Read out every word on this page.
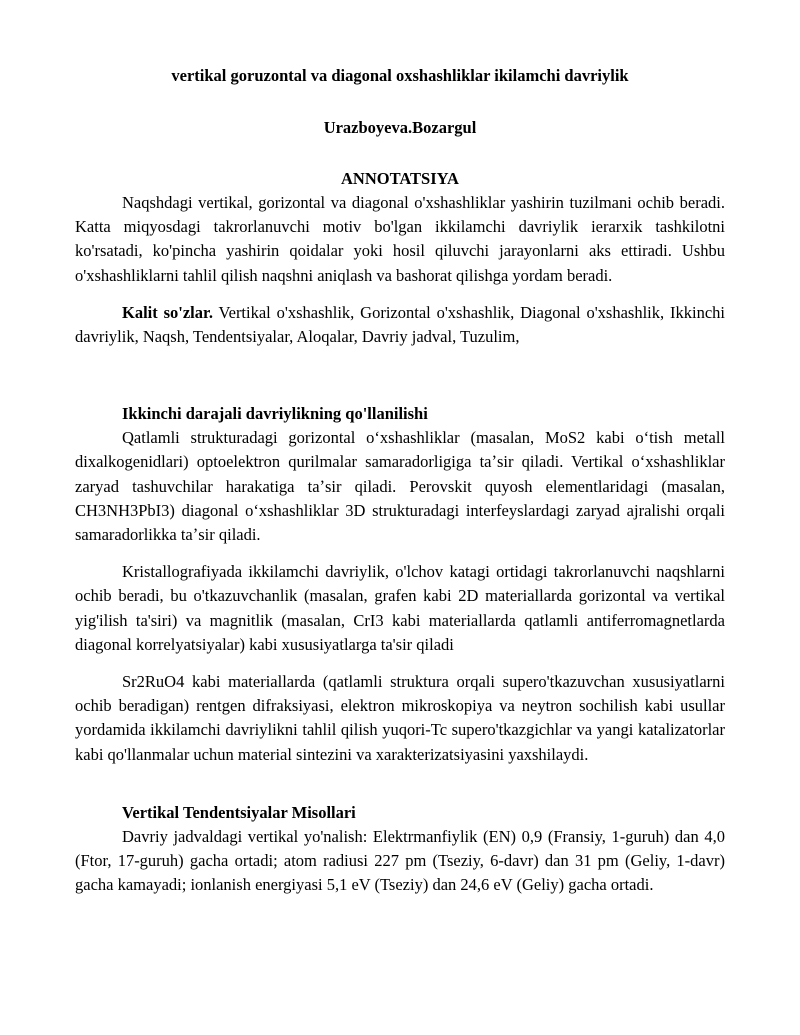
vertikal goruzontal va diagonal oxshashliklar ikilamchi davriylik
Urazboyeva.Bozargul
ANNOTATSIYA

Naqshdagi vertikal, gorizontal va diagonal o'xshashliklar yashirin tuzilmani ochib beradi. Katta miqyosdagi takrorlanuvchi motiv bo'lgan ikkilamchi davriylik ierarxik tashkilotni ko'rsatadi, ko'pincha yashirin qoidalar yoki hosil qiluvchi jarayonlarni aks ettiradi. Ushbu o'xshashliklarni tahlil qilish naqshni aniqlash va bashorat qilishga yordam beradi.

Kalit so'zlar. Vertikal o'xshashlik, Gorizontal o'xshashlik, Diagonal o'xshashlik, Ikkinchi davriylik, Naqsh, Tendentsiyalar, Aloqalar, Davriy jadval, Tuzulim,

Ikkinchi darajali davriylikning qo'llanilishi

Qatlamli strukturadagi gorizontal oʻxshashliklar (masalan, MoS2 kabi oʻtish metall dixalkogenidlari) optoelektron qurilmalar samaradorligiga taʼsir qiladi. Vertikal oʻxshashliklar zaryad tashuvchilar harakatiga taʼsir qiladi. Perovskit quyosh elementlaridagi (masalan, CH3NH3PbI3) diagonal oʻxshashliklar 3D strukturadagi interfeyslardagi zaryad ajralishi orqali samaradorlikka taʼsir qiladi.

Kristallografiyada ikkilamchi davriylik, o'lchov katagi ortidagi takrorlanuvchi naqshlarni ochib beradi, bu o'tkazuvchanlik (masalan, grafen kabi 2D materiallarda gorizontal va vertikal yig'ilish ta'siri) va magnitlik (masalan, CrI3 kabi materiallarda qatlamli antiferromagnetlarda diagonal korrelyatsiyalar) kabi xususiyatlarga ta'sir qiladi

Sr2RuO4 kabi materiallarda (qatlamli struktura orqali supero'tkazuvchan xususiyatlarni ochib beradigan) rentgen difraksiyasi, elektron mikroskopiya va neytron sochilish kabi usullar yordamida ikkilamchi davriylikni tahlil qilish yuqori-Tc supero'tkazgichlar va yangi katalizatorlar kabi qo'llanmalar uchun material sintezini va xarakterizatsiyasini yaxshilaydi.

Vertikal Tendentsiyalar Misollari

Davriy jadvaldagi vertikal yo'nalish: Elektrmanfiylik (EN) 0,9 (Fransiy, 1-guruh) dan 4,0 (Ftor, 17-guruh) gacha ortadi; atom radiusi 227 pm (Tseziy, 6-davr) dan 31 pm (Geliy, 1-davr) gacha kamayadi; ionlanish energiyasi 5,1 eV (Tseziy) dan 24,6 eV (Geliy) gacha ortadi.
